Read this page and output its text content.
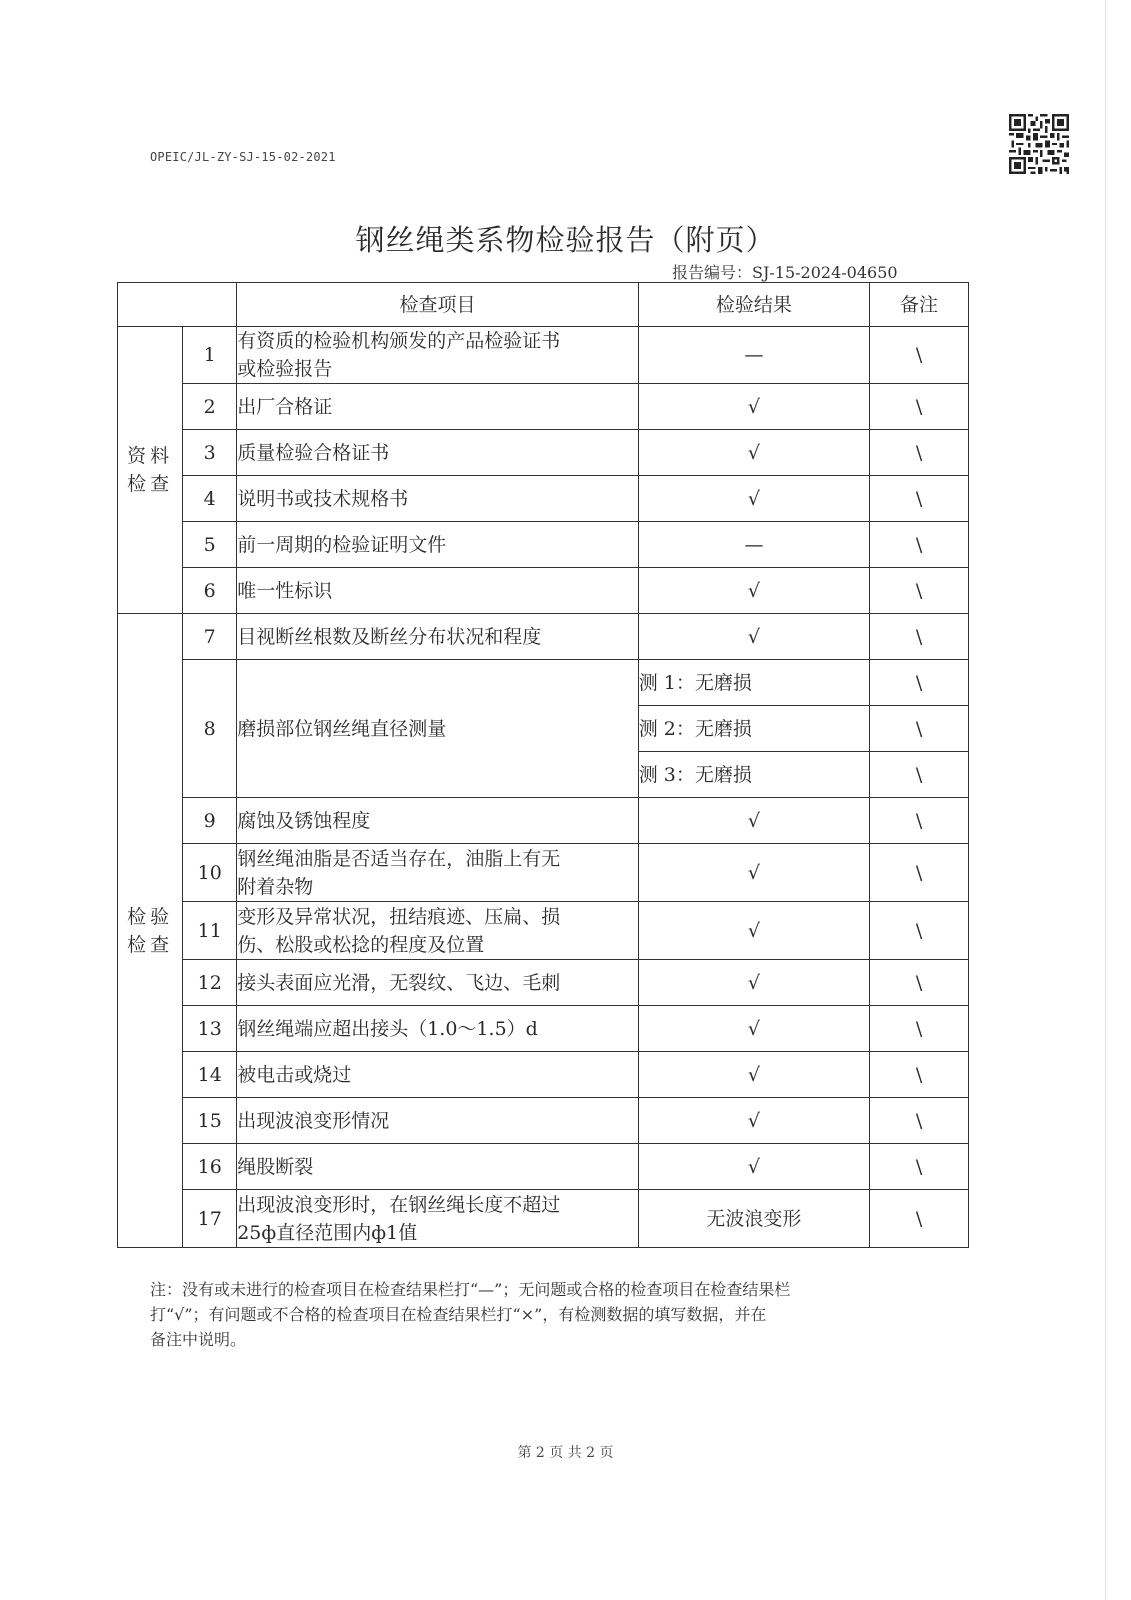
OPEIC/JL-ZY-SJ-15-02-2021
钢丝绳类系物检验报告（附页）
报告编号：SJ-15-2024-04650
		检查项目	检验结果	备注
资料
检查	1	有资质的检验机构颁发的产品检验证书
或检验报告	—	\
	2	出厂合格证	√	\
	3	质量检验合格证书	√	\
	4	说明书或技术规格书	√	\
	5	前一周期的检验证明文件	—	\
	6	唯一性标识	√	\
检验
检查	7	目视断丝根数及断丝分布状况和程度	√	\
	8	磨损部位钢丝绳直径测量	测 1：无磨损	\
			测 2：无磨损	\
			测 3：无磨损	\
	9	腐蚀及锈蚀程度	√	\
	10	钢丝绳油脂是否适当存在，油脂上有无
附着杂物	√	\
	11	变形及异常状况，扭结痕迹、压扁、损
伤、松股或松捻的程度及位置	√	\
	12	接头表面应光滑，无裂纹、飞边、毛刺	√	\
	13	钢丝绳端应超出接头（1.0～1.5）d	√	\
	14	被电击或烧过	√	\
	15	出现波浪变形情况	√	\
	16	绳股断裂	√	\
	17	出现波浪变形时，在钢丝绳长度不超过
25ф直径范围内ф1值	无波浪变形	\
注：没有或未进行的检查项目在检查结果栏打“—”；无问题或合格的检查项目在检查结果栏
打“√”；有问题或不合格的检查项目在检查结果栏打“×”，有检测数据的填写数据，并在
备注中说明。
第 2 页 共 2 页
